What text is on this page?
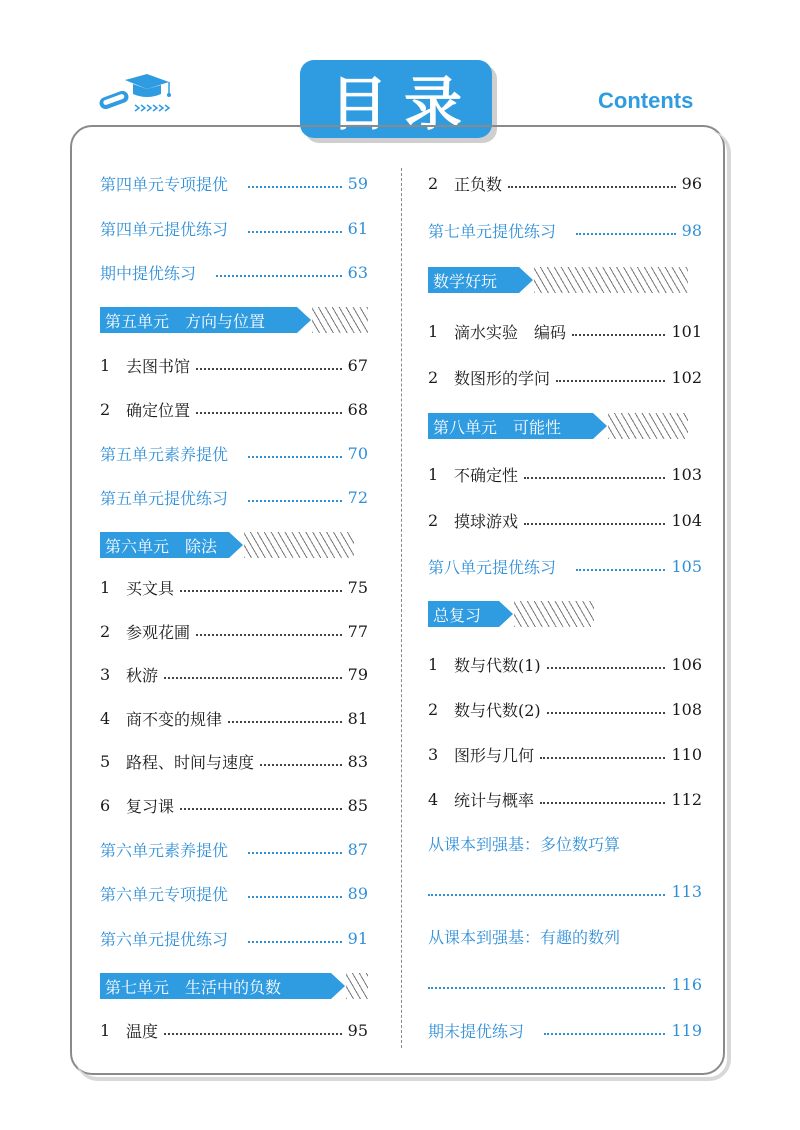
目录	Contents
第四单元专项提优	59
第四单元提优练习	61
期中提优练习	63
第五单元　方向与位置
1 去图书馆	67
2 确定位置	68
第五单元素养提优	70
第五单元提优练习	72
第六单元　除法
1 买文具	75
2 参观花圃	77
3 秋游	79
4 商不变的规律	81
5 路程、时间与速度	83
6 复习课	85
第六单元素养提优	87
第六单元专项提优	89
第六单元提优练习	91
第七单元　生活中的负数
1 温度	95
2 正负数	96
第七单元提优练习	98
数学好玩
1 滴水实验　编码	101
2 数图形的学问	102
第八单元　可能性
1 不确定性	103
2 摸球游戏	104
第八单元提优练习	105
总复习
1 数与代数(1)	106
2 数与代数(2)	108
3 图形与几何	110
4 统计与概率	112
从课本到强基：多位数巧算
113
从课本到强基：有趣的数列
116
期末提优练习	119
